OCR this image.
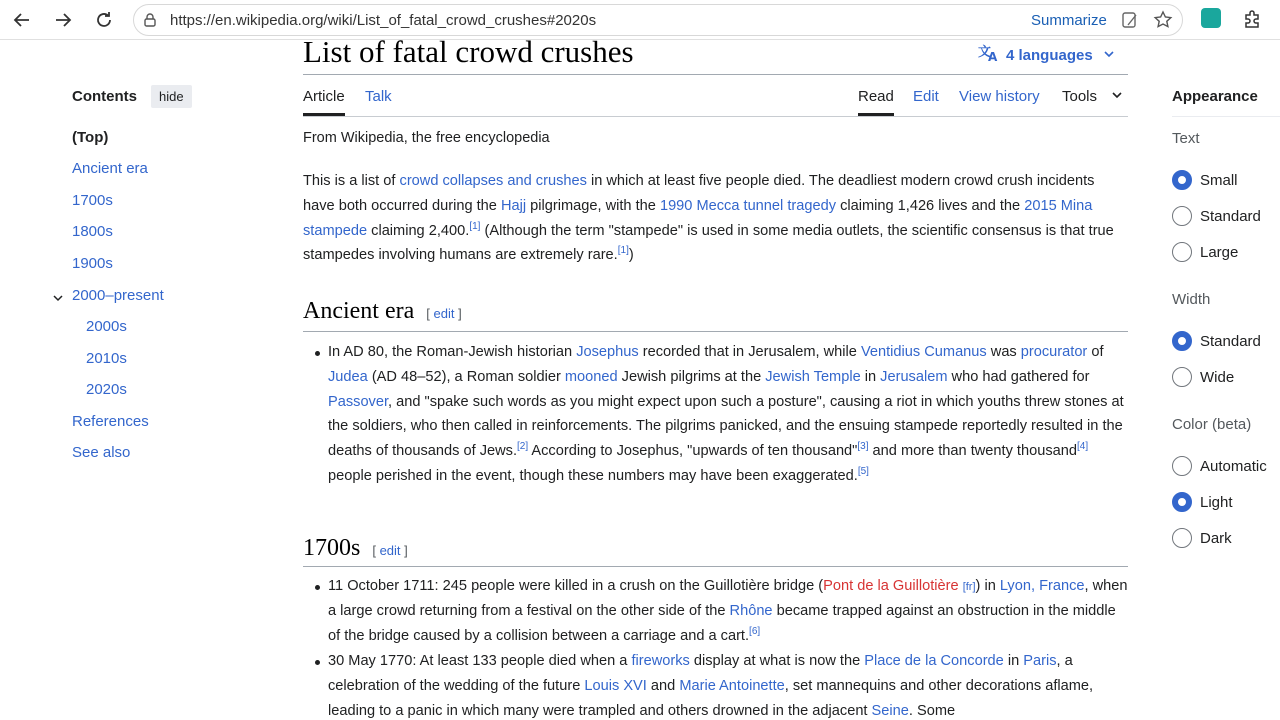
https://en.wikipedia.org/wiki/List_of_fatal_crowd_crushes#2020s	Summarize
Contents	hide
(Top)
Ancient era
1700s
1800s
1900s
2000–present
2000s
2010s
2020s
References
See also
List of fatal crowd crushes	文
A 4 languages
Article Talk	Read Edit View history Tools
From Wikipedia, the free encyclopedia
This is a list of crowd collapses and crushes in which at least five people died. The deadliest modern crowd crush incidents have both occurred during the Hajj pilgrimage, with the 1990 Mecca tunnel tragedy claiming 1,426 lives and the 2015 Mina stampede claiming 2,400.[1] (Although the term "stampede" is used in some media outlets, the scientific consensus is that true stampedes involving humans are extremely rare.[1])
Ancient era [ edit ]
In AD 80, the Roman-Jewish historian Josephus recorded that in Jerusalem, while Ventidius Cumanus was procurator of Judea (AD 48–52), a Roman soldier mooned Jewish pilgrims at the Jewish Temple in Jerusalem who had gathered for Passover, and "spake such words as you might expect upon such a posture", causing a riot in which youths threw stones at the soldiers, who then called in reinforcements. The pilgrims panicked, and the ensuing stampede reportedly resulted in the deaths of thousands of Jews.[2] According to Josephus, "upwards of ten thousand"[3] and more than twenty thousand[4] people perished in the event, though these numbers may have been exaggerated.[5]
1700s [ edit ]
11 October 1711: 245 people were killed in a crush on the Guillotière bridge (Pont de la Guillotière [fr]) in Lyon, France, when a large crowd returning from a festival on the other side of the Rhône became trapped against an obstruction in the middle of the bridge caused by a collision between a carriage and a cart.[6]
30 May 1770: At least 133 people died when a fireworks display at what is now the Place de la Concorde in Paris, a celebration of the wedding of the future Louis XVI and Marie Antoinette, set mannequins and other decorations aflame, leading to a panic in which many were trampled and others drowned in the adjacent Seine. Some
Appearance
Text
Small
Standard
Large
Width
Standard
Wide
Color (beta)
Automatic
Light
Dark
